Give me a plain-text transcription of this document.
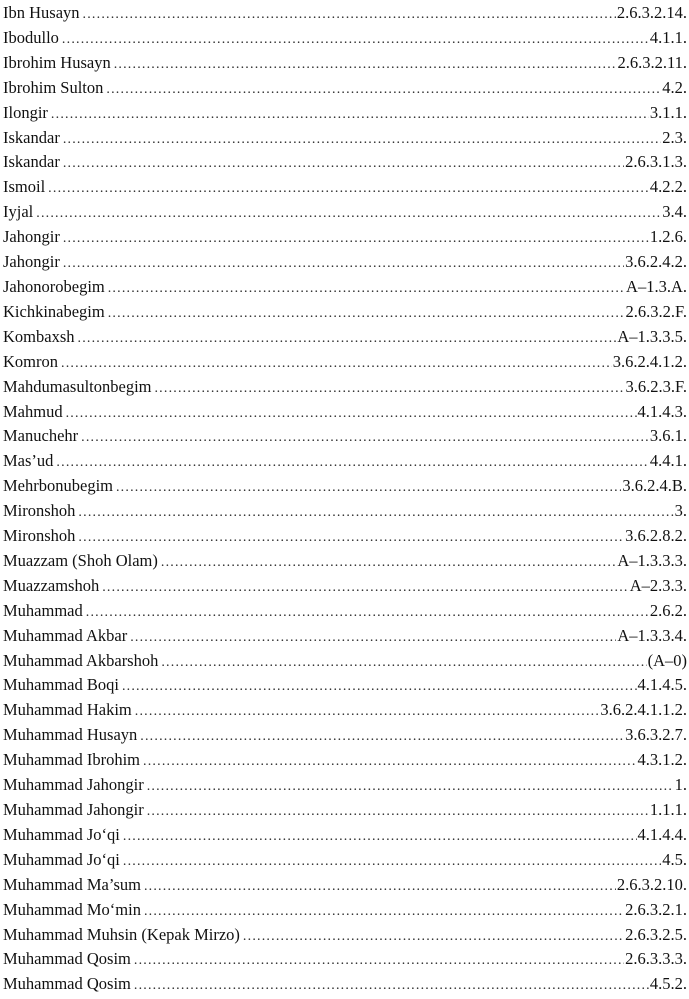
Ibn Husayn .....	2.6.3.2.14.
Ibodullo .....	4.1.1.
Ibrohim Husayn .....	2.6.3.2.11.
Ibrohim Sulton .....	4.2.
Ilongir .....	3.1.1.
Iskandar .....	2.3.
Iskandar .....	2.6.3.1.3.
Ismoil .....	4.2.2.
Iyjal .....	3.4.
Jahongir .....	1.2.6.
Jahongir .....	3.6.2.4.2.
Jahonorobegim .....	A–1.3.A.
Kichkinabegim .....	2.6.3.2.F.
Kombaxsh .....	A–1.3.3.5.
Komron .....	3.6.2.4.1.2.
Mahdumasultonbegim .....	3.6.2.3.F.
Mahmud .....	4.1.4.3.
Manuchehr .....	3.6.1.
Mas’ud .....	4.4.1.
Mehrbonubegim .....	3.6.2.4.B.
Mironshoh .....	3.
Mironshoh .....	3.6.2.8.2.
Muazzam (Shoh Olam) .....	A–1.3.3.3.
Muazzamshoh .....	A–2.3.3.
Muhammad .....	2.6.2.
Muhammad Akbar .....	A–1.3.3.4.
Muhammad Akbarshoh .....	(A–0)
Muhammad Boqi .....	4.1.4.5.
Muhammad Hakim .....	3.6.2.4.1.1.2.
Muhammad Husayn .....	3.6.3.2.7.
Muhammad Ibrohim .....	4.3.1.2.
Muhammad Jahongir .....	1.
Muhammad Jahongir .....	1.1.1.
Muhammad Jo‘qi .....	4.1.4.4.
Muhammad Jo‘qi .....	4.5.
Muhammad Ma’sum .....	2.6.3.2.10.
Muhammad Mo‘min .....	2.6.3.2.1.
Muhammad Muhsin (Kepak Mirzo) .....	2.6.3.2.5.
Muhammad Qosim .....	2.6.3.3.3.
Muhammad Qosim .....	4.5.2.
